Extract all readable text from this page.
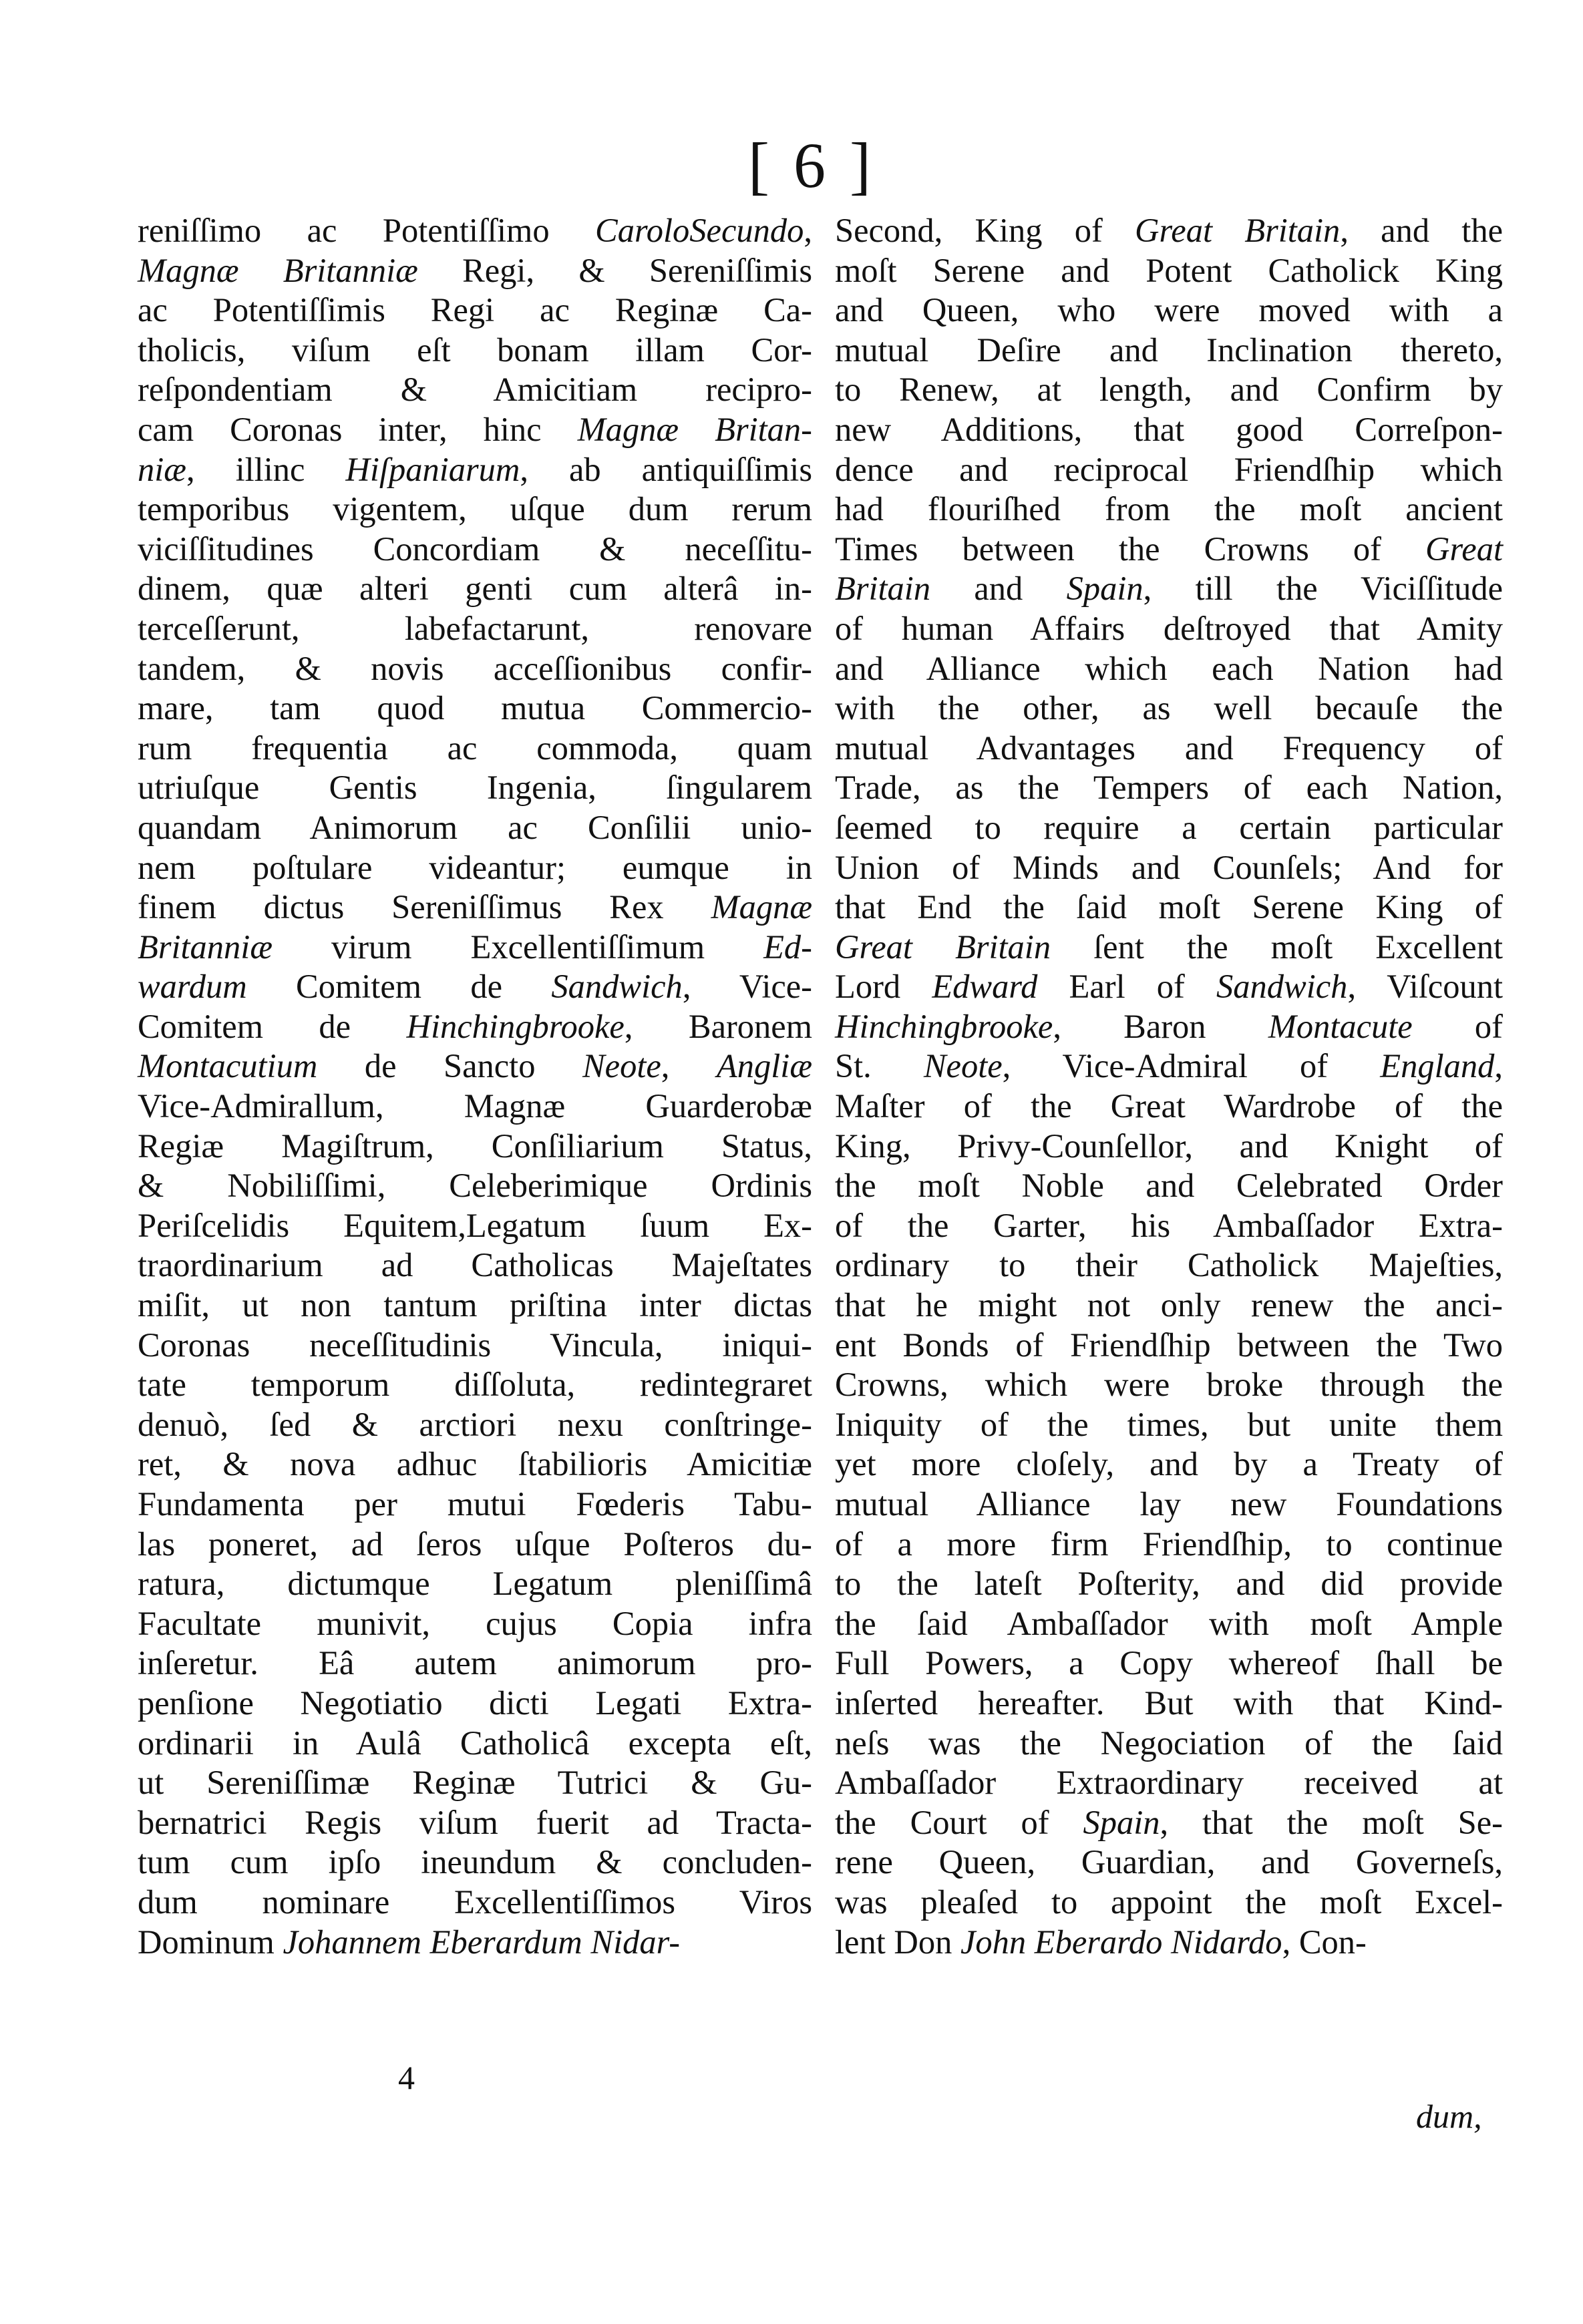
[ 6 ]
reniſſimo ac Potentiſſimo CaroloSecundo,
Magnæ Britanniæ Regi, & Sereniſſimis
ac Potentiſſimis Regi ac Reginæ Ca-
tholicis, viſum eſt bonam illam Cor-
reſpondentiam & Amicitiam recipro-
cam Coronas inter, hinc Magnæ Britan-
niæ, illinc Hiſpaniarum, ab antiquiſſimis
temporibus vigentem, uſque dum rerum
viciſſitudines Concordiam & neceſſitu-
dinem, quæ alteri genti cum alterâ in-
terceſſerunt, labefactarunt, renovare
tandem, & novis acceſſionibus confir-
mare, tam quod mutua Commercio-
rum frequentia ac commoda, quam
utriuſque Gentis Ingenia, ſingularem
quandam Animorum ac Conſilii unio-
nem poſtulare videantur; eumque in
finem dictus Sereniſſimus Rex Magnæ
Britanniæ virum Excellentiſſimum Ed-
wardum Comitem de Sandwich, Vice-
Comitem de Hinchingbrooke, Baronem
Montacutium de Sancto Neote, Angliæ
Vice-Admirallum, Magnæ Guarderobæ
Regiæ Magiſtrum, Conſiliarium Status,
& Nobiliſſimi, Celeberimique Ordinis
Periſcelidis Equitem,Legatum ſuum Ex-
traordinarium ad Catholicas Majeſtates
miſit, ut non tantum priſtina inter dictas
Coronas neceſſitudinis Vincula, iniqui-
tate temporum diſſoluta, redintegraret
denuò, ſed & arctiori nexu conſtringe-
ret, & nova adhuc ſtabilioris Amicitiæ
Fundamenta per mutui Fœderis Tabu-
las poneret, ad ſeros uſque Poſteros du-
ratura, dictumque Legatum pleniſſimâ
Facultate munivit, cujus Copia infra
inſeretur. Eâ autem animorum pro-
penſione Negotiatio dicti Legati Extra-
ordinarii in Aulâ Catholicâ excepta eſt,
ut Sereniſſimæ Reginæ Tutrici & Gu-
bernatrici Regis viſum fuerit ad Tracta-
tum cum ipſo ineundum & concluden-
dum nominare Excellentiſſimos Viros
Dominum Johannem Eberardum Nidar-
Second, King of Great Britain, and the
moſt Serene and Potent Catholick King
and Queen, who were moved with a
mutual Deſire and Inclination thereto,
to Renew, at length, and Confirm by
new Additions, that good Correſpon-
dence and reciprocal Friendſhip which
had flouriſhed from the moſt ancient
Times between the Crowns of Great
Britain and Spain, till the Viciſſitude
of human Affairs deſtroyed that Amity
and Alliance which each Nation had
with the other, as well becauſe the
mutual Advantages and Frequency of
Trade, as the Tempers of each Nation,
ſeemed to require a certain particular
Union of Minds and Counſels; And for
that End the ſaid moſt Serene King of
Great Britain ſent the moſt Excellent
Lord Edward Earl of Sandwich, Viſcount
Hinchingbrooke, Baron Montacute of
St. Neote, Vice-Admiral of England,
Maſter of the Great Wardrobe of the
King, Privy-Counſellor, and Knight of
the moſt Noble and Celebrated Order
of the Garter, his Ambaſſador Extra-
ordinary to their Catholick Majeſties,
that he might not only renew the anci-
ent Bonds of Friendſhip between the Two
Crowns, which were broke through the
Iniquity of the times, but unite them
yet more cloſely, and by a Treaty of
mutual Alliance lay new Foundations
of a more firm Friendſhip, to continue
to the lateſt Poſterity, and did provide
the ſaid Ambaſſador with moſt Ample
Full Powers, a Copy whereof ſhall be
inſerted hereafter. But with that Kind-
neſs was the Negociation of the ſaid
Ambaſſador Extraordinary received at
the Court of Spain, that the moſt Se-
rene Queen, Guardian, and Governeſs,
was pleaſed to appoint the moſt Excel-
lent Don John Eberardo Nidardo, Con-
4
dum,
